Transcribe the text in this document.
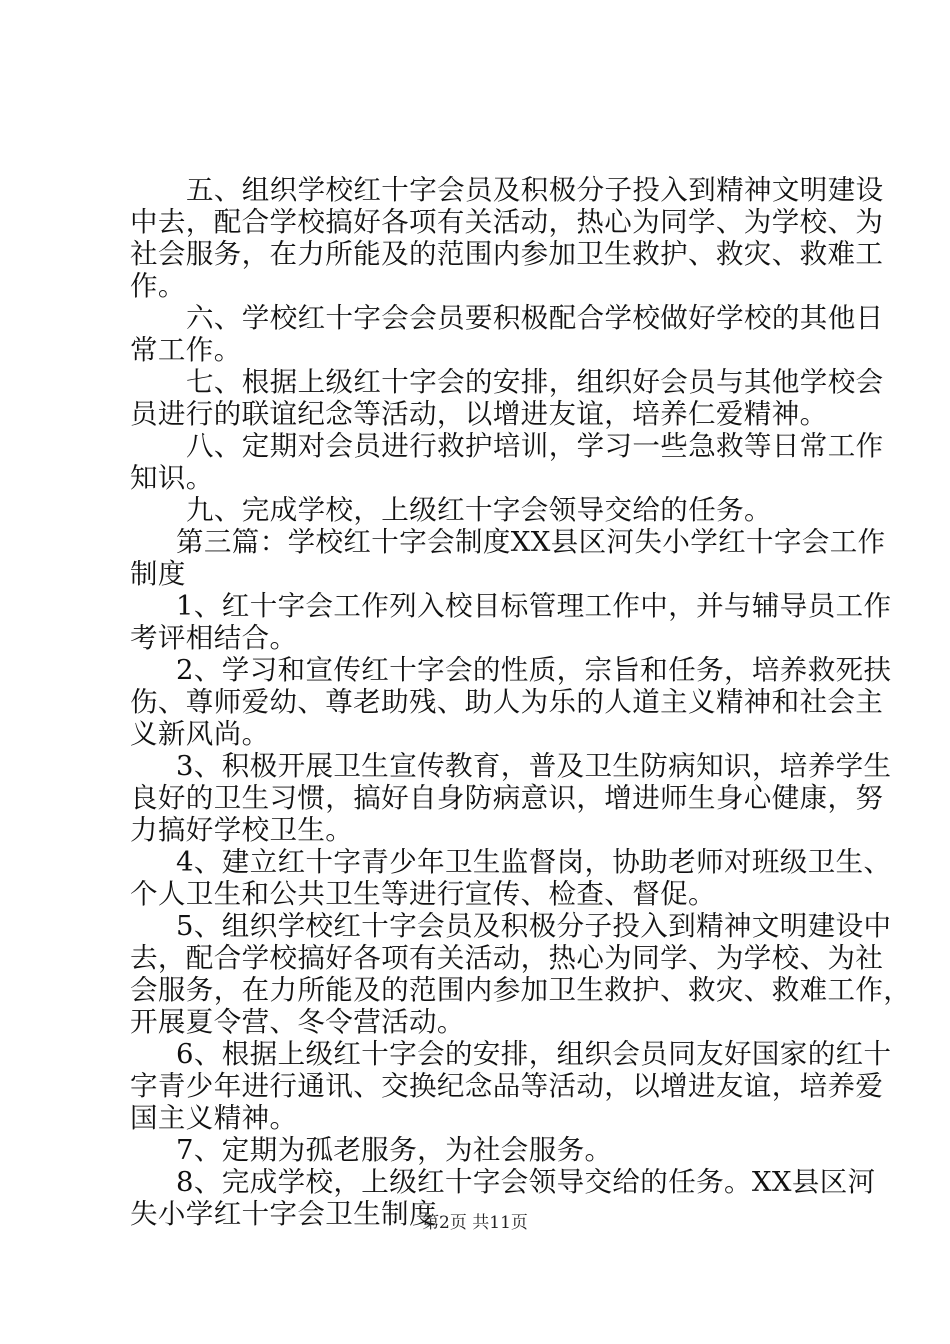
五、组织学校红十字会员及积极分子投入到精神文明建设
中去，配合学校搞好各项有关活动，热心为同学、为学校、为
社会服务，在力所能及的范围内参加卫生救护、救灾、救难工
作。
六、学校红十字会会员要积极配合学校做好学校的其他日
常工作。
七、根据上级红十字会的安排，组织好会员与其他学校会
员进行的联谊纪念等活动，以增进友谊，培养仁爱精神。
八、定期对会员进行救护培训，学习一些急救等日常工作
知识。
九、完成学校，上级红十字会领导交给的任务。
第三篇：学校红十字会制度XX县区河失小学红十字会工作
制度
1、红十字会工作列入校目标管理工作中，并与辅导员工作
考评相结合。
2、学习和宣传红十字会的性质，宗旨和任务，培养救死扶
伤、尊师爱幼、尊老助残、助人为乐的人道主义精神和社会主
义新风尚。
3、积极开展卫生宣传教育，普及卫生防病知识，培养学生
良好的卫生习惯，搞好自身防病意识，增进师生身心健康，努
力搞好学校卫生。
4、建立红十字青少年卫生监督岗，协助老师对班级卫生、
个人卫生和公共卫生等进行宣传、检查、督促。
5、组织学校红十字会员及积极分子投入到精神文明建设中
去，配合学校搞好各项有关活动，热心为同学、为学校、为社
会服务，在力所能及的范围内参加卫生救护、救灾、救难工作，
开展夏令营、冬令营活动。
6、根据上级红十字会的安排，组织会员同友好国家的红十
字青少年进行通讯、交换纪念品等活动，以增进友谊，培养爱
国主义精神。
7、定期为孤老服务，为社会服务。
8、完成学校，上级红十字会领导交给的任务。XX县区河
失小学红十字会卫生制度
第2页 共11页
